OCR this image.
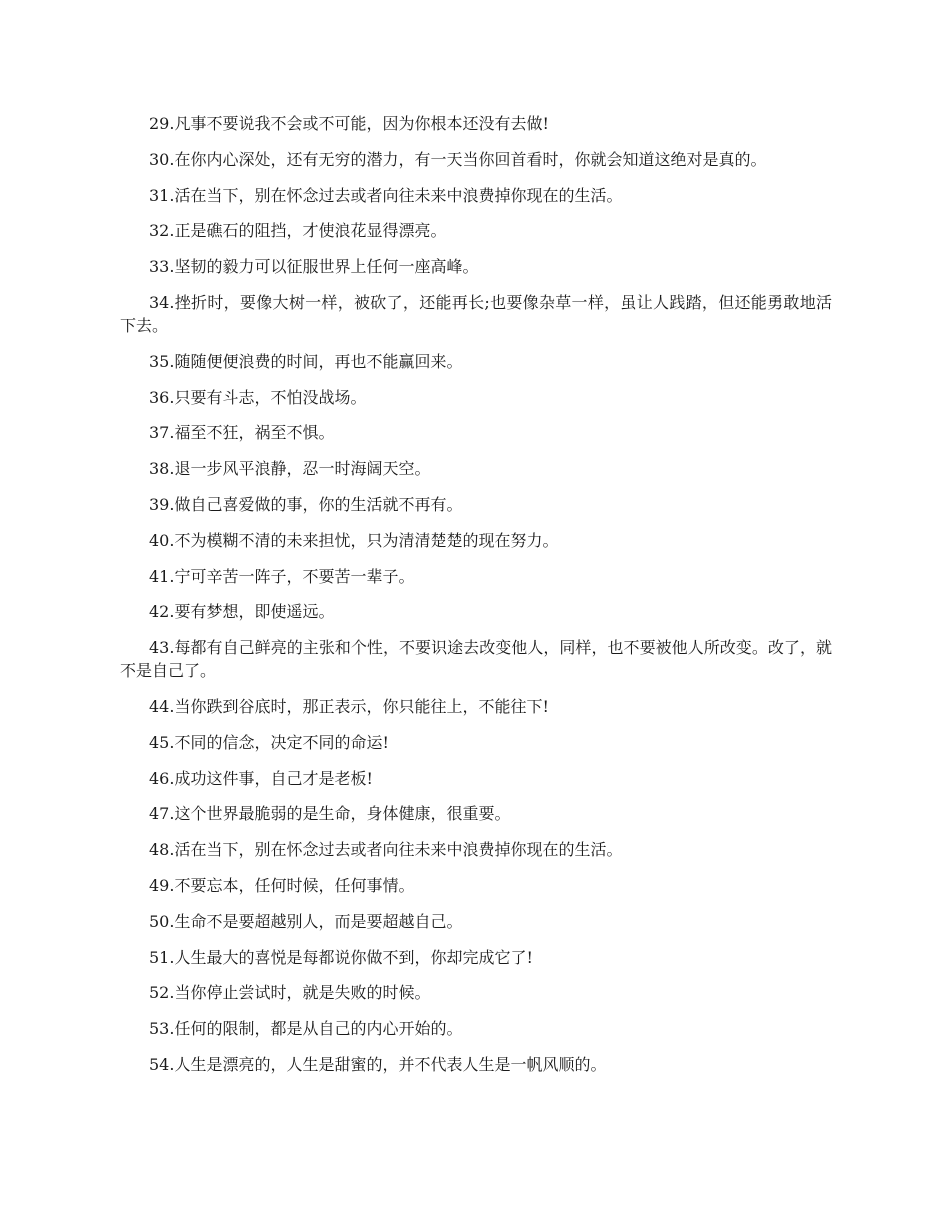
29.凡事不要说我不会或不可能，因为你根本还没有去做!
30.在你内心深处，还有无穷的潜力，有一天当你回首看时，你就会知道这绝对是真的。
31.活在当下，别在怀念过去或者向往未来中浪费掉你现在的生活。
32.正是礁石的阻挡，才使浪花显得漂亮。
33.坚韧的毅力可以征服世界上任何一座高峰。
34.挫折时，要像大树一样，被砍了，还能再长;也要像杂草一样，虽让人践踏，但还能勇敢地活下去。
35.随随便便浪费的时间，再也不能赢回来。
36.只要有斗志，不怕没战场。
37.福至不狂，祸至不惧。
38.退一步风平浪静，忍一时海阔天空。
39.做自己喜爱做的事，你的生活就不再有。
40.不为模糊不清的未来担忧，只为清清楚楚的现在努力。
41.宁可辛苦一阵子，不要苦一辈子。
42.要有梦想，即使遥远。
43.每都有自己鲜亮的主张和个性，不要识途去改变他人，同样，也不要被他人所改变。改了，就不是自己了。
44.当你跌到谷底时，那正表示，你只能往上，不能往下!
45.不同的信念，决定不同的命运!
46.成功这件事，自己才是老板!
47.这个世界最脆弱的是生命，身体健康，很重要。
48.活在当下，别在怀念过去或者向往未来中浪费掉你现在的生活。
49.不要忘本，任何时候，任何事情。
50.生命不是要超越别人，而是要超越自己。
51.人生最大的喜悦是每都说你做不到，你却完成它了!
52.当你停止尝试时，就是失败的时候。
53.任何的限制，都是从自己的内心开始的。
54.人生是漂亮的，人生是甜蜜的，并不代表人生是一帆风顺的。
